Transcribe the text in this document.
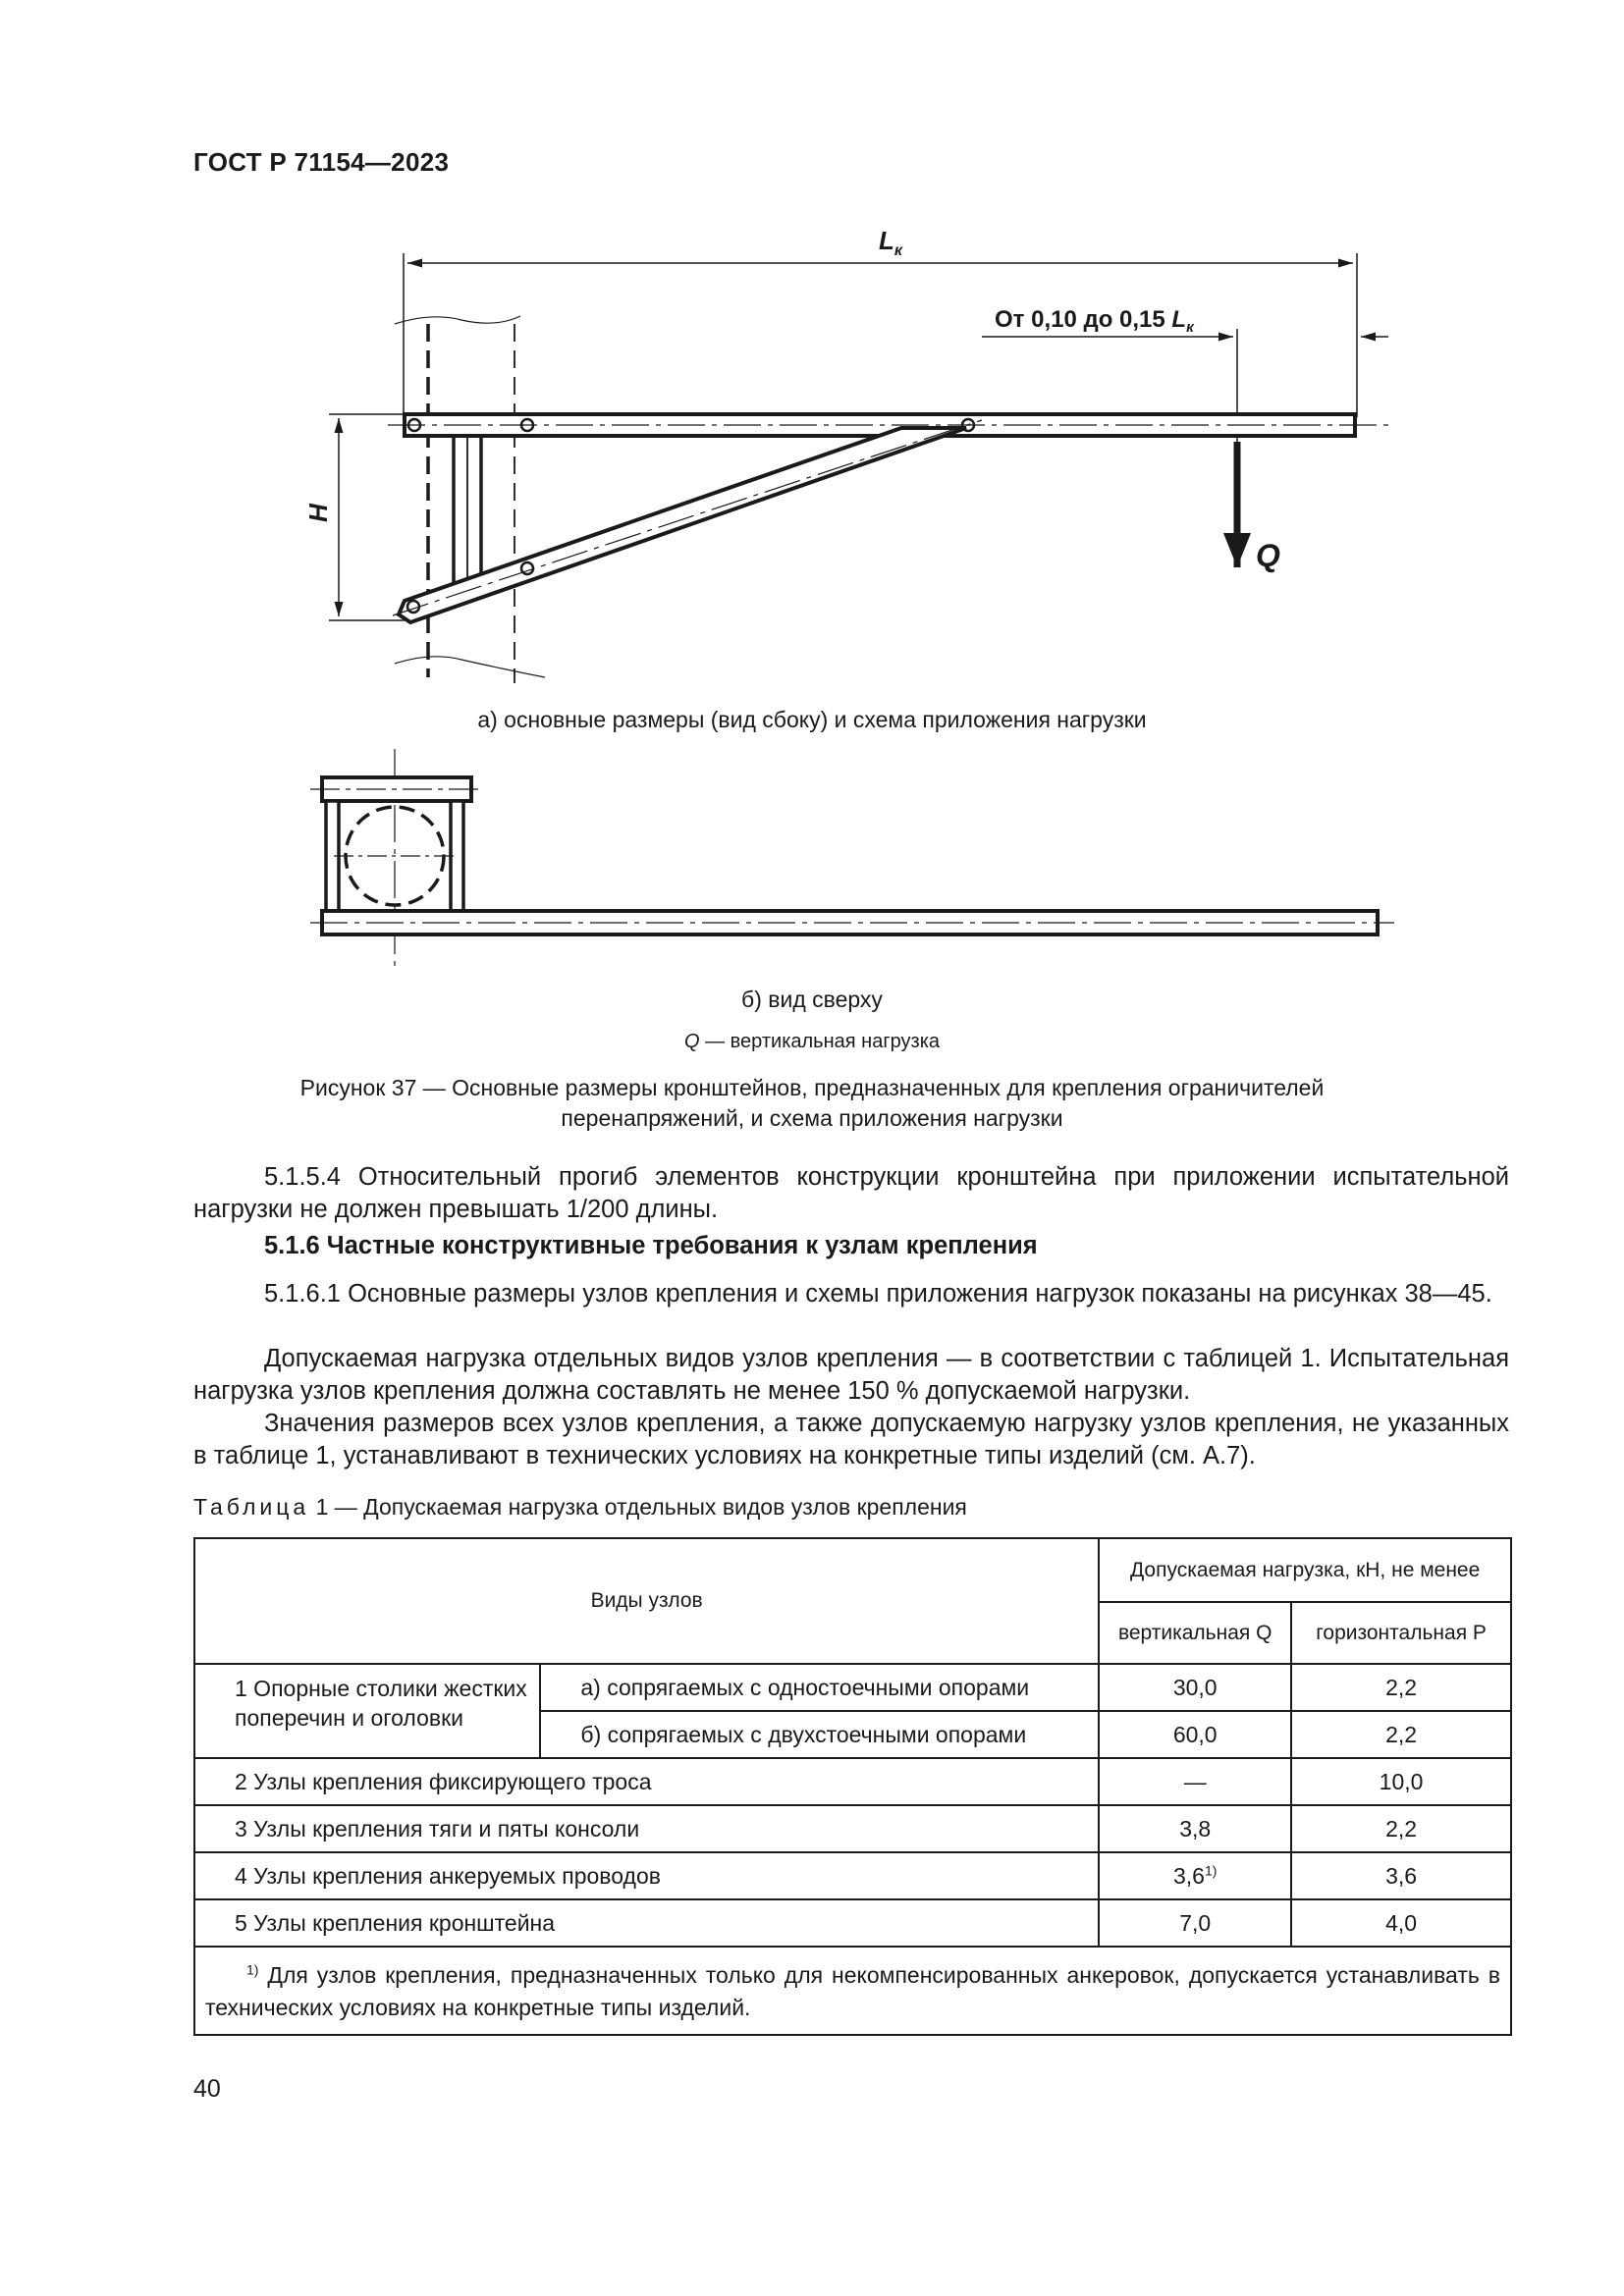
ГОСТ Р 71154—2023
$L_к$
От 0,10 до 0,15 $L_к$
H
Q
а) основные размеры (вид сбоку) и схема приложения нагрузки
б) вид сверху
Q — вертикальная нагрузка
Рисунок 37 — Основные размеры кронштейнов, предназначенных для крепления ограничителей
перенапряжений, и схема приложения нагрузки
5.1.5.4 Относительный прогиб элементов конструкции кронштейна при приложении испытательной нагрузки не должен превышать 1/200 длины.
5.1.6 Частные конструктивные требования к узлам крепления
5.1.6.1 Основные размеры узлов крепления и схемы приложения нагрузок показаны на рисунках 38—45.
Допускаемая нагрузка отдельных видов узлов крепления — в соответствии с таблицей 1. Испытательная нагрузка узлов крепления должна составлять не менее 150 % допускаемой нагрузки.
Значения размеров всех узлов крепления, а также допускаемую нагрузку узлов крепления, не указанных в таблице 1, устанавливают в технических условиях на конкретные типы изделий (см. А.7).
Таблица 1 — Допускаемая нагрузка отдельных видов узлов крепления
Виды узлов		Допускаемая нагрузка, кН, не менее	
		вертикальная Q	горизонтальная P
1 Опорные столики жестких поперечин и оголовки	а) сопрягаемых с одностоечными опорами	30,0	2,2
	б) сопрягаемых с двухстоечными опорами	60,0	2,2
2 Узлы крепления фиксирующего троса		—	10,0
3 Узлы крепления тяги и пяты консоли		3,8	2,2
4 Узлы крепления анкеруемых проводов		3,6$^{1)}$	3,6
5 Узлы крепления кронштейна		7,0	4,0
$^{1)}$ Для узлов крепления, предназначенных только для некомпенсированных анкеровок, допускается устанавливать в технических условиях на конкретные типы изделий.			
40
